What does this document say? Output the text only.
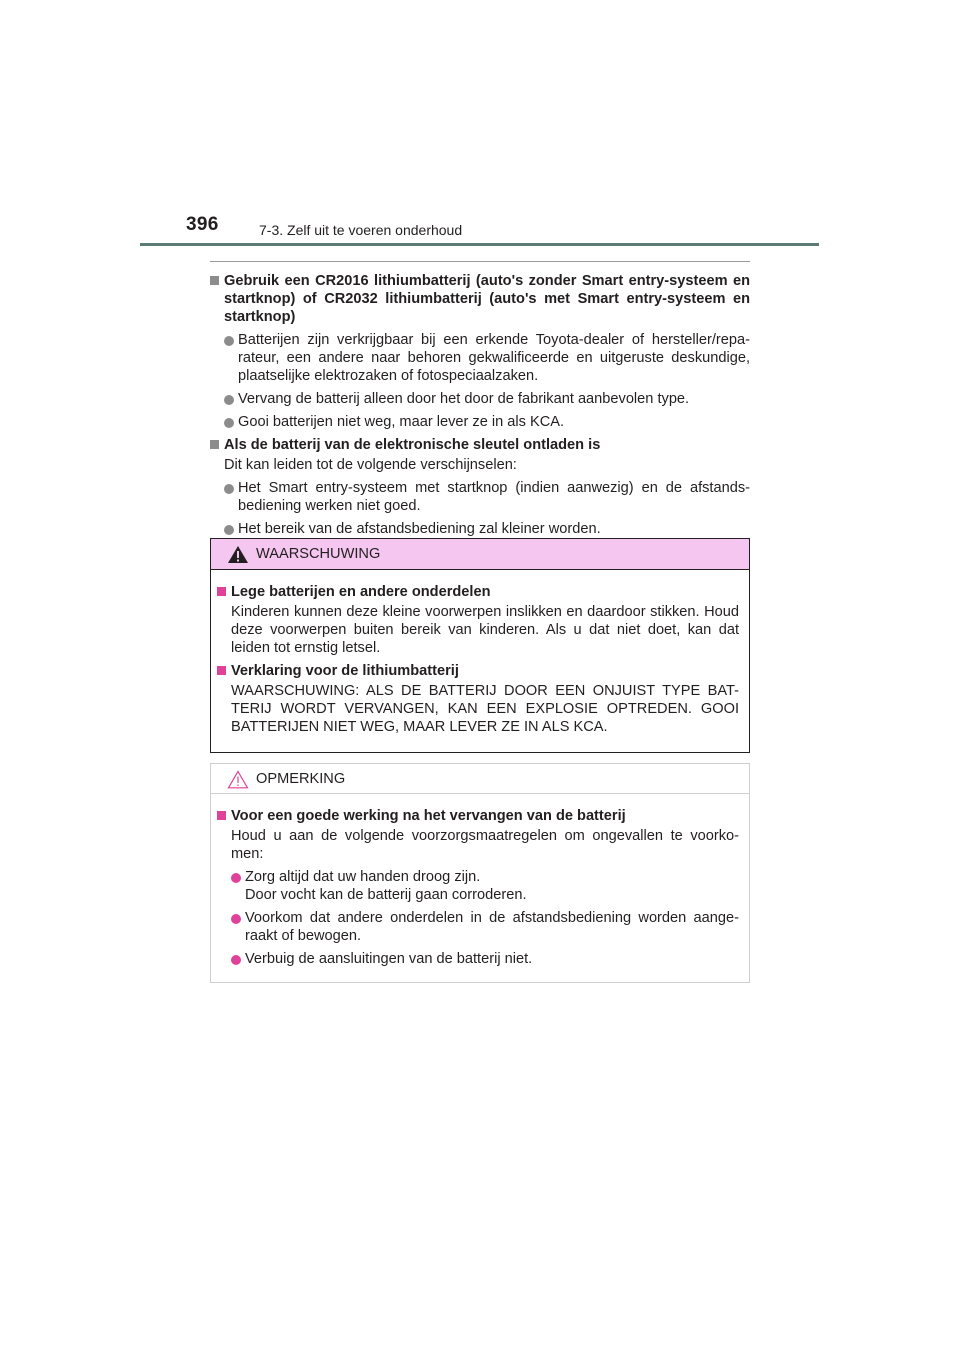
396	7-3. Zelf uit te voeren onderhoud
Gebruik een CR2016 lithiumbatterij (auto's zonder Smart entry-systeem en startknop) of CR2032 lithiumbatterij (auto's met Smart entry-systeem en startknop)
Batterijen zijn verkrijgbaar bij een erkende Toyota-dealer of hersteller/repa-rateur, een andere naar behoren gekwalificeerde en uitgeruste deskundige, plaatselijke elektrozaken of fotospeciaalzaken.
Vervang de batterij alleen door het door de fabrikant aanbevolen type.
Gooi batterijen niet weg, maar lever ze in als KCA.
Als de batterij van de elektronische sleutel ontladen is
Dit kan leiden tot de volgende verschijnselen:
Het Smart entry-systeem met startknop (indien aanwezig) en de afstands-bediening werken niet goed.
Het bereik van de afstandsbediening zal kleiner worden.
WAARSCHUWING
Lege batterijen en andere onderdelen
Kinderen kunnen deze kleine voorwerpen inslikken en daardoor stikken. Houd deze voorwerpen buiten bereik van kinderen. Als u dat niet doet, kan dat leiden tot ernstig letsel.
Verklaring voor de lithiumbatterij
WAARSCHUWING: ALS DE BATTERIJ DOOR EEN ONJUIST TYPE BAT-TERIJ WORDT VERVANGEN, KAN EEN EXPLOSIE OPTREDEN. GOOI BATTERIJEN NIET WEG, MAAR LEVER ZE IN ALS KCA.
OPMERKING
Voor een goede werking na het vervangen van de batterij
Houd u aan de volgende voorzorgsmaatregelen om ongevallen te voorko-men:
Zorg altijd dat uw handen droog zijn.
Door vocht kan de batterij gaan corroderen.
Voorkom dat andere onderdelen in de afstandsbediening worden aange-raakt of bewogen.
Verbuig de aansluitingen van de batterij niet.
